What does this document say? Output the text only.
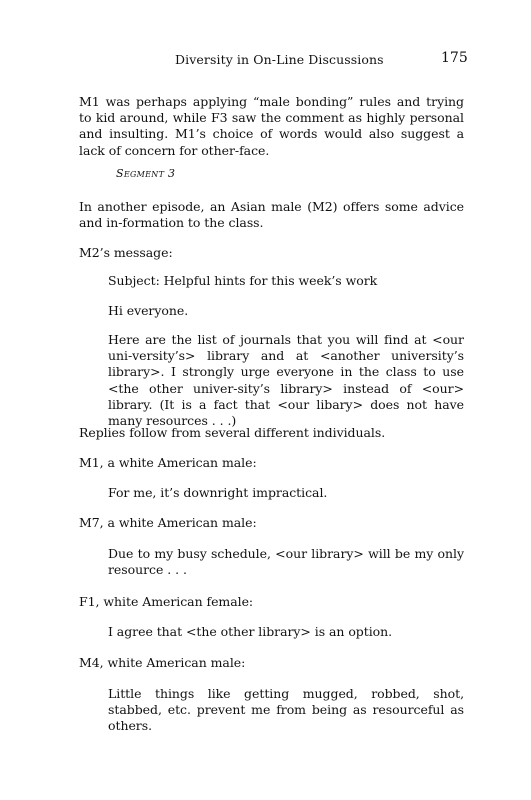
Diversity in On-Line Discussions	175
M1 was perhaps applying “male bonding” rules and trying to kid around, while F3 saw the comment as highly personal and insulting. M1’s choice of words would also suggest a lack of concern for other-face.
Segment 3
In another episode, an Asian male (M2) offers some advice and in-formation to the class.
M2’s message:
Subject: Helpful hints for this week’s work
Hi everyone.
Here are the list of journals that you will find at <our uni-versity’s> library and at <another university’s library>. I strongly urge everyone in the class to use <the other univer-sity’s library> instead of <our> library. (It is a fact that <our libary> does not have many resources . . .)
Replies follow from several different individuals.
M1, a white American male:
For me, it’s downright impractical.
M7, a white American male:
Due to my busy schedule, <our library> will be my only resource . . .
F1, white American female:
I agree that <the other library> is an option.
M4, white American male:
Little things like getting mugged, robbed, shot, stabbed, etc. prevent me from being as resourceful as others.
